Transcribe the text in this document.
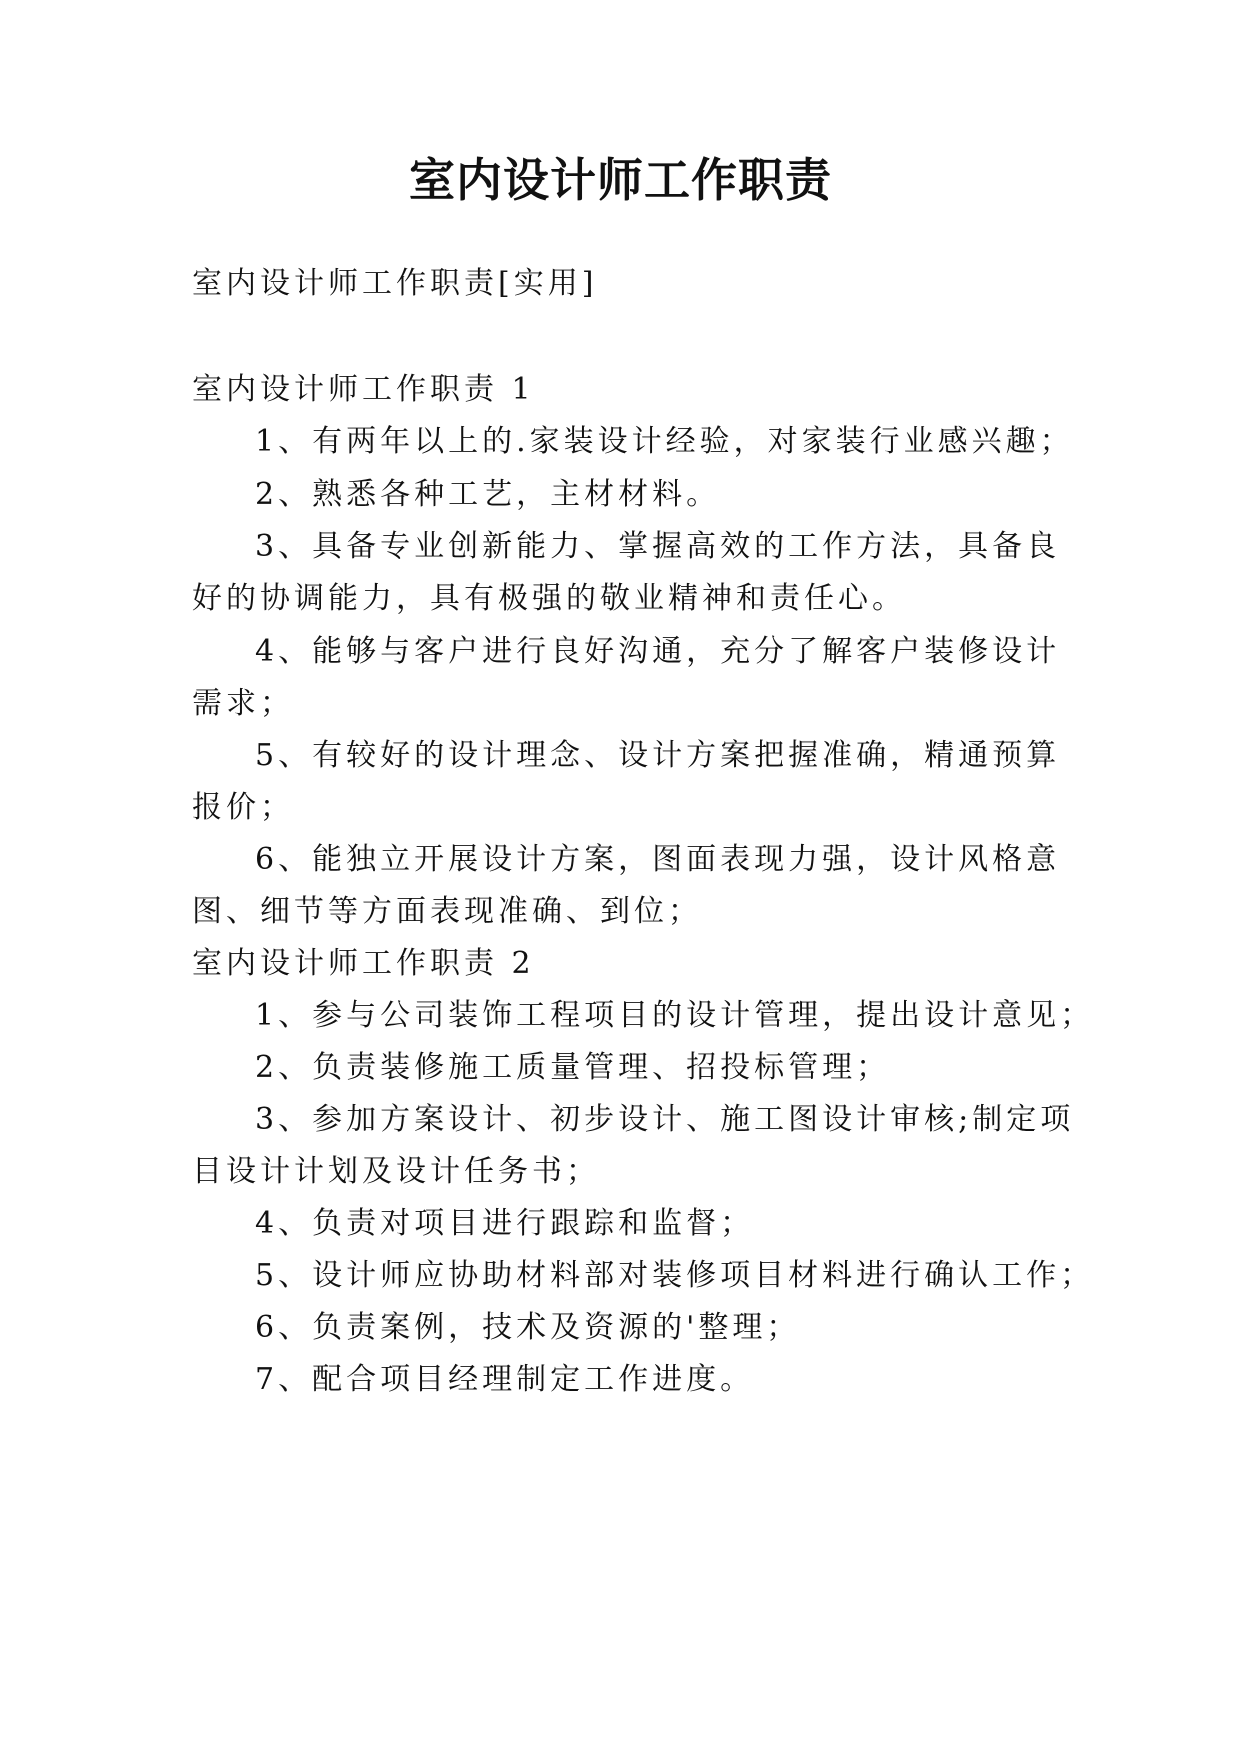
室内设计师工作职责
室内设计师工作职责[实用]
室内设计师工作职责 1
1、有两年以上的.家装设计经验，对家装行业感兴趣；
2、熟悉各种工艺，主材材料。
3、具备专业创新能力、掌握高效的工作方法，具备良
好的协调能力，具有极强的敬业精神和责任心。
4、能够与客户进行良好沟通，充分了解客户装修设计
需求；
5、有较好的设计理念、设计方案把握准确，精通预算
报价；
6、能独立开展设计方案，图面表现力强，设计风格意
图、细节等方面表现准确、到位；
室内设计师工作职责 2
1、参与公司装饰工程项目的设计管理，提出设计意见；
2、负责装修施工质量管理、招投标管理；
3、参加方案设计、初步设计、施工图设计审核;制定项
目设计计划及设计任务书；
4、负责对项目进行跟踪和监督；
5、设计师应协助材料部对装修项目材料进行确认工作；
6、负责案例，技术及资源的'整理；
7、配合项目经理制定工作进度。
